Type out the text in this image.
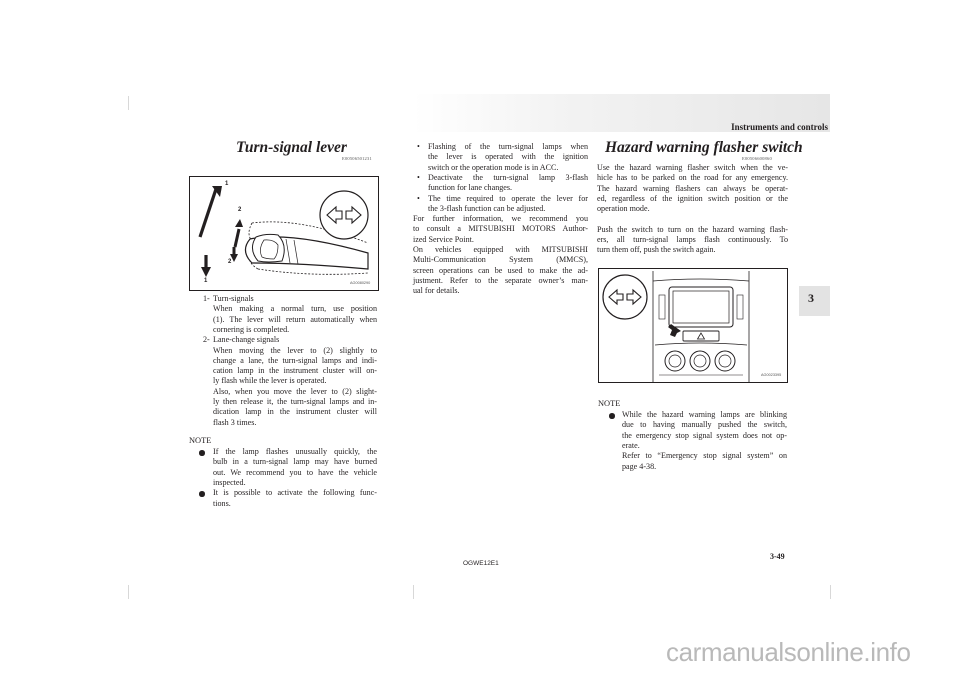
Instruments and controls
3
Turn-signal lever
E00506501231
1
2
2
1	AG0080290
1- Turn-signals
When making a normal turn, use position
(1). The lever will return automatically when
cornering is completed.
2- Lane-change signals
When moving the lever to (2) slightly to
change a lane, the turn-signal lamps and indi-
cation lamp in the instrument cluster will on-
ly flash while the lever is operated.
Also, when you move the lever to (2) slight-
ly then release it, the turn-signal lamps and in-
dication lamp in the instrument cluster will
flash 3 times.
NOTE
If the lamp flashes unusually quickly, the
bulb in a turn-signal lamp may have burned
out. We recommend you to have the vehicle
inspected.
It is possible to activate the following func-
tions.
• Flashing of the turn-signal lamps when
the lever is operated with the ignition
switch or the operation mode is in ACC.
• Deactivate the turn-signal lamp 3-flash
function for lane changes.
• The time required to operate the lever for
the 3-flash function can be adjusted.
For further information, we recommend you
to consult a MITSUBISHI MOTORS Author-
ized Service Point.
On vehicles equipped with MITSUBISHI
Multi-Communication System (MMCS),
screen operations can be used to make the ad-
justment. Refer to the separate owner’s man-
ual for details.
Hazard warning flasher switch
E00506600860
Use the hazard warning flasher switch when the ve-
hicle has to be parked on the road for any emergency.
The hazard warning flashers can always be operat-
ed, regardless of the ignition switch position or the
operation mode.
Push the switch to turn on the hazard warning flash-
ers, all turn-signal lamps flash continuously. To
turn them off, push the switch again.
AG0023395
NOTE
While the hazard warning lamps are blinking
due to having manually pushed the switch,
the emergency stop signal system does not op-
erate.
Refer to “Emergency stop signal system” on
page 4-38.
OGWE12E1
3-49
carmanualsonline.info
